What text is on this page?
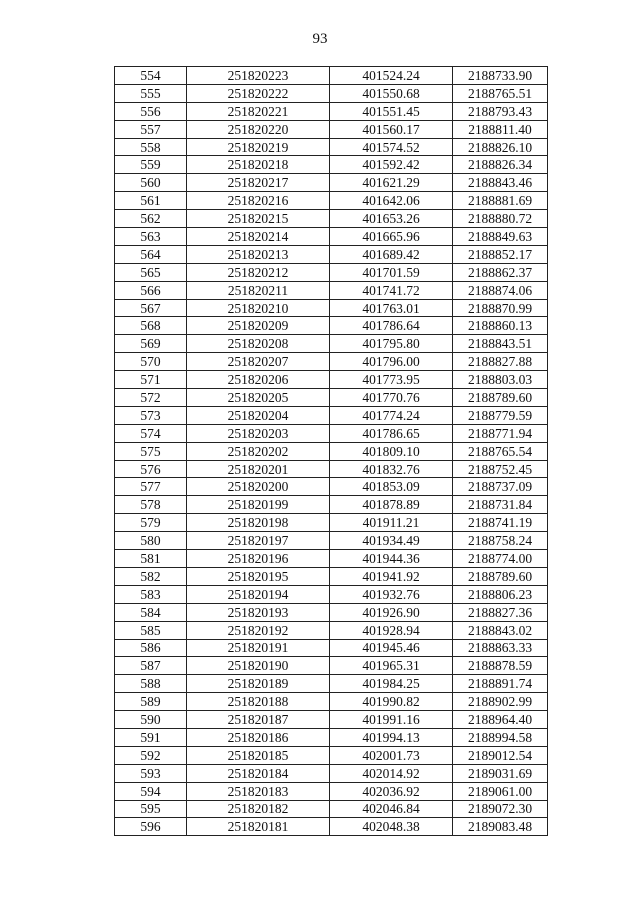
93
554	251820223	401524.24	2188733.90
555	251820222	401550.68	2188765.51
556	251820221	401551.45	2188793.43
557	251820220	401560.17	2188811.40
558	251820219	401574.52	2188826.10
559	251820218	401592.42	2188826.34
560	251820217	401621.29	2188843.46
561	251820216	401642.06	2188881.69
562	251820215	401653.26	2188880.72
563	251820214	401665.96	2188849.63
564	251820213	401689.42	2188852.17
565	251820212	401701.59	2188862.37
566	251820211	401741.72	2188874.06
567	251820210	401763.01	2188870.99
568	251820209	401786.64	2188860.13
569	251820208	401795.80	2188843.51
570	251820207	401796.00	2188827.88
571	251820206	401773.95	2188803.03
572	251820205	401770.76	2188789.60
573	251820204	401774.24	2188779.59
574	251820203	401786.65	2188771.94
575	251820202	401809.10	2188765.54
576	251820201	401832.76	2188752.45
577	251820200	401853.09	2188737.09
578	251820199	401878.89	2188731.84
579	251820198	401911.21	2188741.19
580	251820197	401934.49	2188758.24
581	251820196	401944.36	2188774.00
582	251820195	401941.92	2188789.60
583	251820194	401932.76	2188806.23
584	251820193	401926.90	2188827.36
585	251820192	401928.94	2188843.02
586	251820191	401945.46	2188863.33
587	251820190	401965.31	2188878.59
588	251820189	401984.25	2188891.74
589	251820188	401990.82	2188902.99
590	251820187	401991.16	2188964.40
591	251820186	401994.13	2188994.58
592	251820185	402001.73	2189012.54
593	251820184	402014.92	2189031.69
594	251820183	402036.92	2189061.00
595	251820182	402046.84	2189072.30
596	251820181	402048.38	2189083.48
